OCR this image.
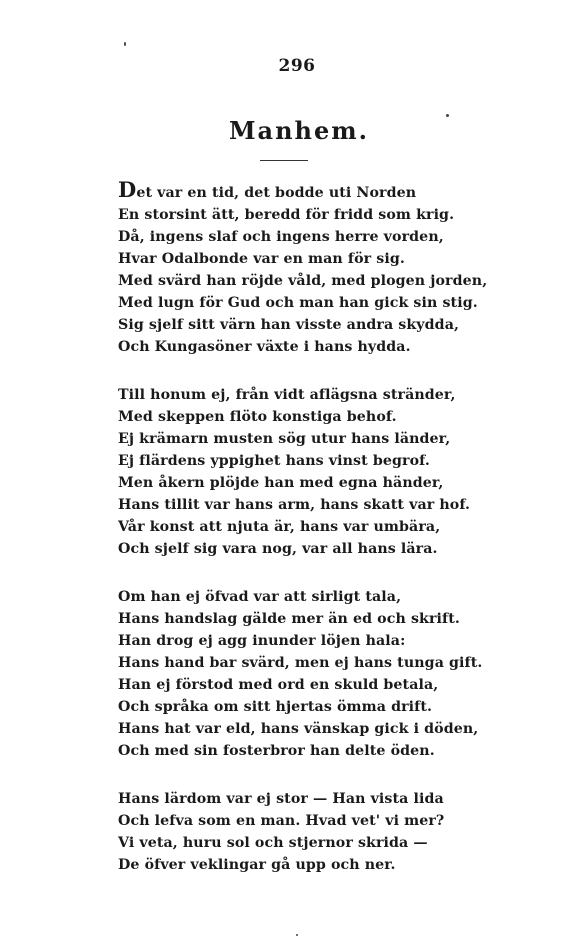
296
Manhem.
Det var en tid, det bodde uti Norden
En storsint ätt, beredd för fridd som krig.
Då, ingens slaf och ingens herre vorden,
Hvar Odalbonde var en man för sig.
Med svärd han röjde våld, med plogen jorden,
Med lugn för Gud och man han gick sin stig.
Sig sjelf sitt värn han visste andra skydda,
Och Kungasöner växte i hans hydda.
Till honum ej, från vidt aflägsna stränder,
Med skeppen flöto konstiga behof.
Ej krämarn musten sög utur hans länder,
Ej flärdens yppighet hans vinst begrof.
Men åkern plöjde han med egna händer,
Hans tillit var hans arm, hans skatt var hof.
Vår konst att njuta är, hans var umbära,
Och sjelf sig vara nog, var all hans lära.
Om han ej öfvad var att sirligt tala,
Hans handslag gälde mer än ed och skrift.
Han drog ej agg inunder löjen hala:
Hans hand bar svärd, men ej hans tunga gift.
Han ej förstod med ord en skuld betala,
Och språka om sitt hjertas ömma drift.
Hans hat var eld, hans vänskap gick i döden,
Och med sin fosterbror han delte öden.
Hans lärdom var ej stor — Han vista lida
Och lefva som en man. Hvad vet' vi mer?
Vi veta, huru sol och stjernor skrida —
De öfver veklingar gå upp och ner.
